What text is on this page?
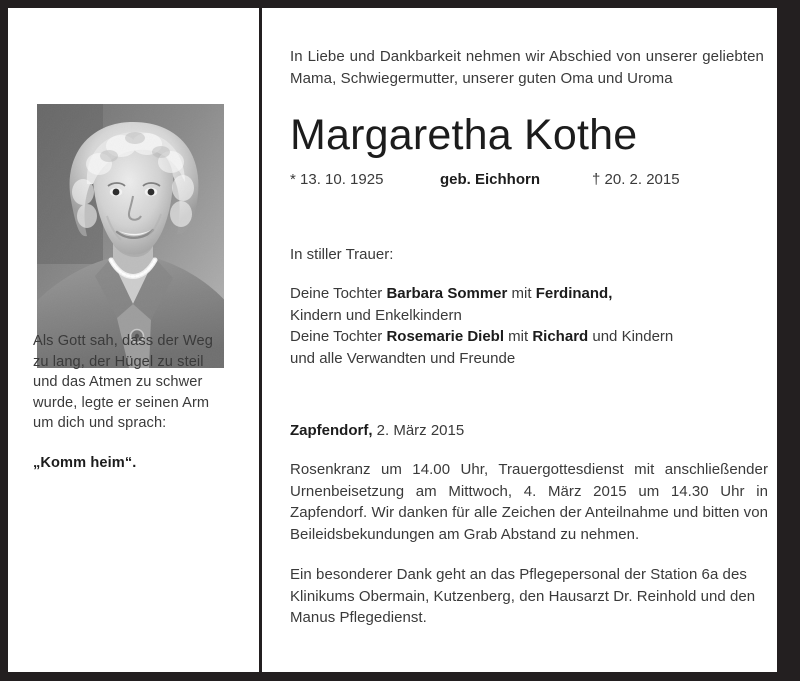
Als Gott sah, dass der Weg

zu lang, der Hügel zu steil

und das Atmen zu schwer

wurde, legte er seinen Arm

um dich und sprach:

„Komm heim“.

In Liebe und Dankbarkeit nehmen wir Abschied von unserer geliebten Mama, Schwiegermutter, unserer guten Oma und Uroma

Margaretha Kothe
* 13. 10. 1925	geb. Eichhorn	† 20. 2. 2015

In stiller Trauer:

Deine Tochter Barbara Sommer mit Ferdinand,

Kindern und Enkelkindern

Deine Tochter Rosemarie Diebl mit Richard und Kindern

und alle Verwandten und Freunde

Zapfendorf, 2. März 2015

Rosenkranz um 14.00 Uhr, Trauergottesdienst mit anschließender Urnenbeisetzung am Mittwoch, 4. März 2015 um 14.30 Uhr in Zapfendorf. Wir danken für alle Zeichen der Anteilnahme und bitten von Beileidsbekundungen am Grab Abstand zu nehmen.

Ein besonderer Dank geht an das Pflegepersonal der Station 6a des Klinikums Obermain, Kutzenberg, den Hausarzt Dr. Reinhold und den Manus Pflegedienst.
